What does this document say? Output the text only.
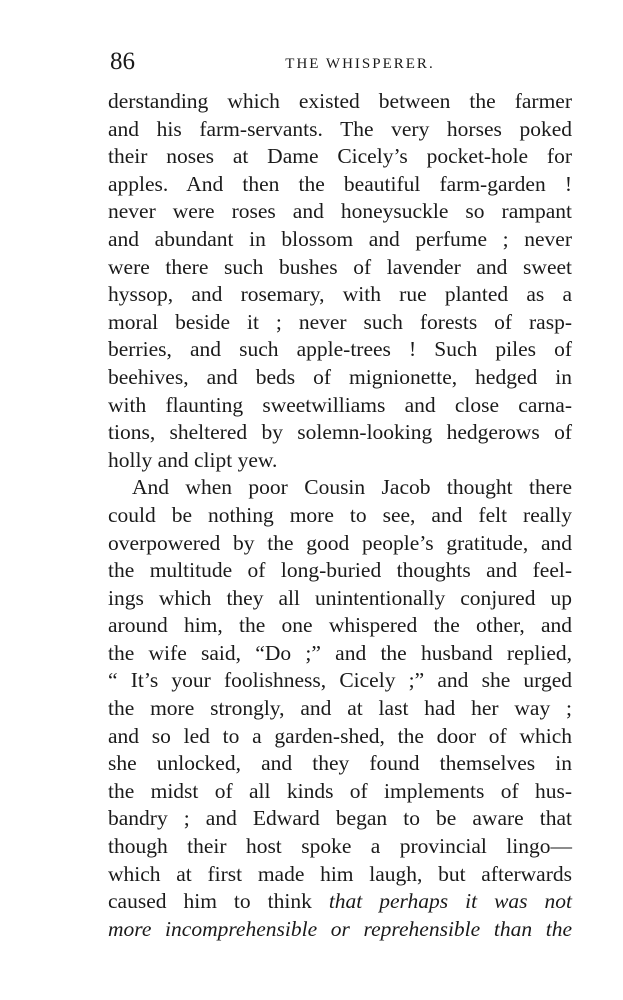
86	THE WHISPERER.
derstanding which existed between the farmer
and his farm-servants. The very horses poked
their noses at Dame Cicely’s pocket-hole for
apples. And then the beautiful farm-garden !
never were roses and honeysuckle so rampant
and abundant in blossom and perfume ; never
were there such bushes of lavender and sweet
hyssop, and rosemary, with rue planted as a
moral beside it ; never such forests of rasp-
berries, and such apple-trees ! Such piles of
beehives, and beds of mignionette, hedged in
with flaunting sweetwilliams and close carna-
tions, sheltered by solemn-looking hedgerows of
holly and clipt yew.
And when poor Cousin Jacob thought there
could be nothing more to see, and felt really
overpowered by the good people’s gratitude, and
the multitude of long-buried thoughts and feel-
ings which they all unintentionally conjured up
around him, the one whispered the other, and
the wife said, “Do ;” and the husband replied,
“ It’s your foolishness, Cicely ;” and she urged
the more strongly, and at last had her way ;
and so led to a garden-shed, the door of which
she unlocked, and they found themselves in
the midst of all kinds of implements of hus-
bandry ; and Edward began to be aware that
though their host spoke a provincial lingo—
which at first made him laugh, but afterwards
caused him to think that perhaps it was not
more incomprehensible or reprehensible than the
